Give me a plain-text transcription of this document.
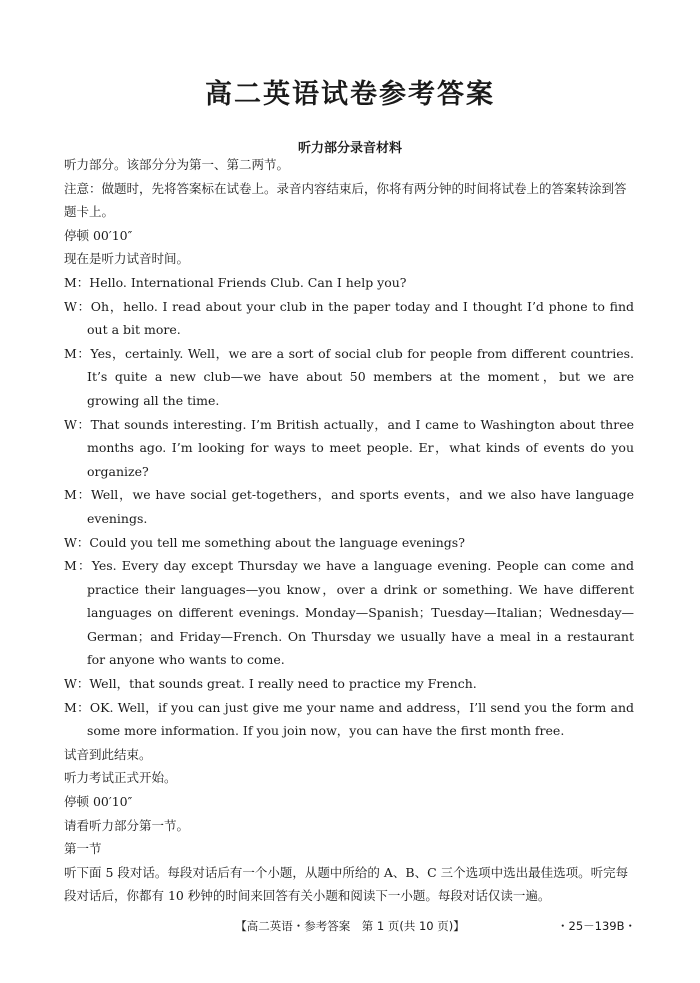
高二英语试卷参考答案
听力部分录音材料

听力部分。该部分分为第一、第二两节。

注意：做题时，先将答案标在试卷上。录音内容结束后，你将有两分钟的时间将试卷上的答案转涂到答题卡上。

停顿 00′10″

现在是听力试音时间。

M：Hello. International Friends Club. Can I help you?

W：Oh，hello. I read about your club in the paper today and I thought I’d phone to find out a bit more.

M：Yes，certainly. Well，we are a sort of social club for people from different countries. It’s quite a new club—we have about 50 members at the moment，but we are growing all the time.

W：That sounds interesting. I’m British actually，and I came to Washington about three months ago. I’m looking for ways to meet people. Er，what kinds of events do you organize?

M：Well，we have social get-togethers，and sports events，and we also have language evenings.

W：Could you tell me something about the language evenings?

M：Yes. Every day except Thursday we have a language evening. People can come and practice their languages—you know，over a drink or something. We have different languages on different evenings. Monday—Spanish；Tuesday—Italian；Wednesday—German；and Friday—French. On Thursday we usually have a meal in a restaurant for anyone who wants to come.

W：Well，that sounds great. I really need to practice my French.

M：OK. Well，if you can just give me your name and address，I’ll send you the form and some more information. If you join now，you can have the first month free.

试音到此结束。

听力考试正式开始。

停顿 00′10″

请看听力部分第一节。

第一节

听下面 5 段对话。每段对话后有一个小题，从题中所给的 A、B、C 三个选项中选出最佳选项。听完每段对话后，你都有 10 秒钟的时间来回答有关小题和阅读下一小题。每段对话仅读一遍。

【高二英语・参考答案　第 1 页(共 10 页)】	・25－139B・
